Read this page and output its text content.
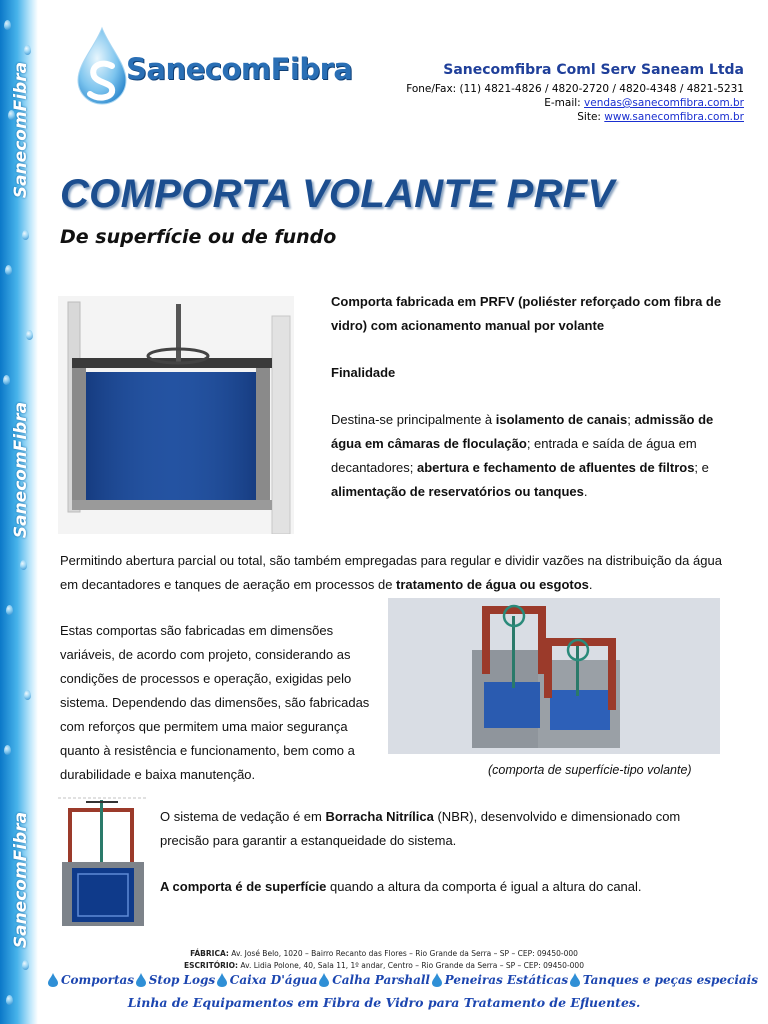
SanecomFibra
SanecomFibra
SanecomFibra
SanecomFibra	Sanecomfibra Coml Serv Saneam Ltda
Fone/Fax: (11) 4821-4826 / 4820-2720 / 4820-4348 / 4821-5231
E-mail: vendas@sanecomfibra.com.br
Site: www.sanecomfibra.com.br
COMPORTA VOLANTE PRFV
De superfície ou de fundo

Comporta fabricada em PRFV (poliéster reforçado com fibra de vidro) com acionamento manual por volante

Finalidade

Destina-se principalmente à isolamento de canais; admissão de água em câmaras de floculação; entrada e saída de água em decantadores; abertura e fechamento de afluentes de filtros; e alimentação de reservatórios ou tanques.

Permitindo abertura parcial ou total, são também empregadas para regular e dividir vazões na distribuição da água em decantadores e tanques de aeração em processos de tratamento de água ou esgotos.

Estas comportas são fabricadas em dimensões variáveis, de acordo com projeto, considerando as condições de processos e operação, exigidas pelo sistema. Dependendo das dimensões, são fabricadas com reforços que permitem uma maior segurança quanto à resistência e funcionamento, bem como a durabilidade e baixa manutenção.	(comporta de superfície-tipo volante)

O sistema de vedação é em Borracha Nitrílica (NBR), desenvolvido e dimensionado com precisão para garantir a estanqueidade do sistema.

A comporta é de superfície quando a altura da comporta é igual a altura do canal.

FÁBRICA: Av. José Belo, 1020 – Bairro Recanto das Flores – Rio Grande da Serra – SP – CEP: 09450-000
ESCRITÓRIO: Av. Lidia Polone, 40, Sala 11, 1º andar, Centro – Rio Grande da Serra – SP – CEP: 09450-000
Comportas Stop Logs Caixa D'água Calha Parshall Peneiras Estáticas Tanques e peças especiais
Linha de Equipamentos em Fibra de Vidro para Tratamento de Efluentes.
